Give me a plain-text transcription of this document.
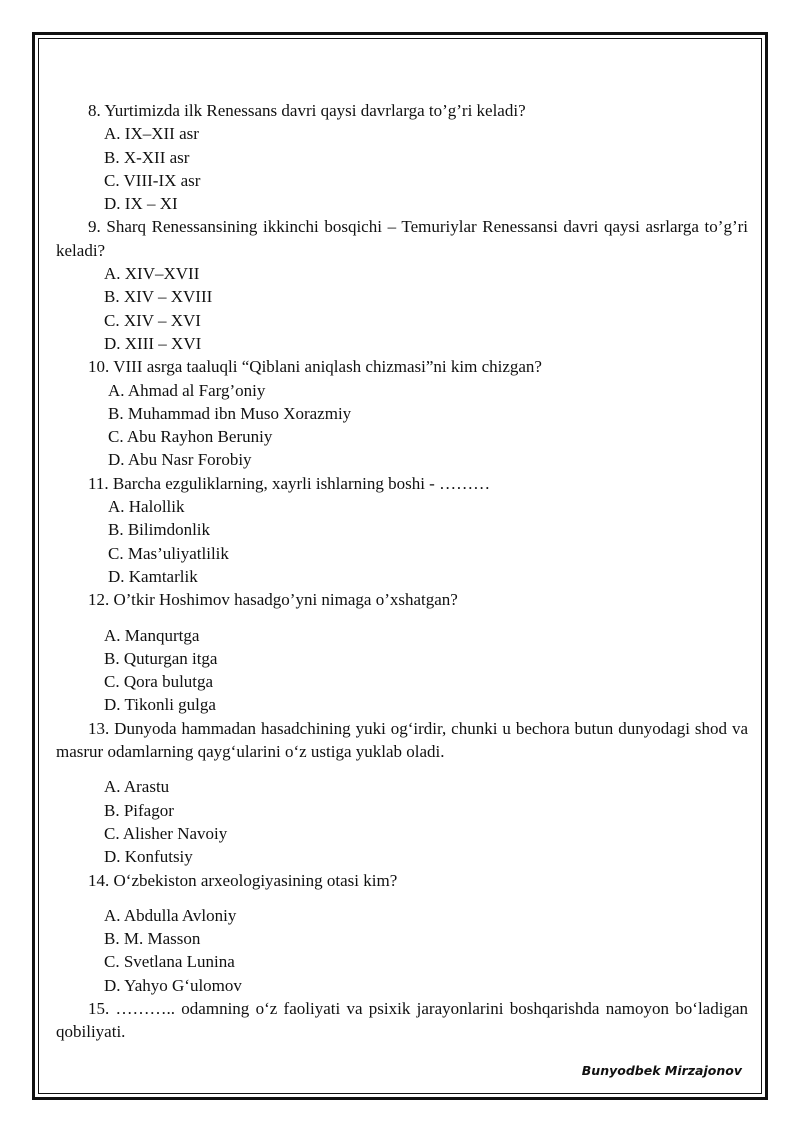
8. Yurtimizda ilk Renessans davri qaysi davrlarga to’g’ri keladi?

A. IX–XII asr
B. X-XII asr
C. VIII-IX asr
D. IX – XI

9. Sharq Renessansining ikkinchi bosqichi – Temuriylar Renessansi davri qaysi asrlarga to’g’ri keladi?

A. XIV–XVII
B. XIV – XVIII
C. XIV – XVI
D. XIII – XVI

10. VIII asrga taaluqli “Qiblani aniqlash chizmasi”ni kim chizgan?

A. Ahmad al Farg’oniy
B. Muhammad ibn Muso Xorazmiy
C. Abu Rayhon Beruniy
D. Abu Nasr Forobiy

11. Barcha ezguliklarning, xayrli ishlarning boshi - ………

A. Halollik
B. Bilimdonlik
C. Mas’uliyatlilik
D. Kamtarlik

12. O’tkir Hoshimov hasadgo’yni nimaga o’xshatgan?

A. Manqurtga
B. Quturgan itga
C. Qora bulutga
D. Tikonli gulga

13. Dunyoda hammadan hasadchining yuki og‘irdir, chunki u bechora butun dunyodagi shod va masrur odamlarning qayg‘ularini o‘z ustiga yuklab oladi.

A. Arastu
B. Pifagor
C. Alisher Navoiy
D. Konfutsiy

14. O‘zbekiston arxeologiyasining otasi kim?

A. Abdulla Avloniy
B. M. Masson
C. Svetlana Lunina
D. Yahyo G‘ulomov

15. ……….. odamning o‘z faoliyati va psixik jarayonlarini boshqarishda namoyon bo‘ladigan qobiliyati.

Bunyodbek Mirzajonov
